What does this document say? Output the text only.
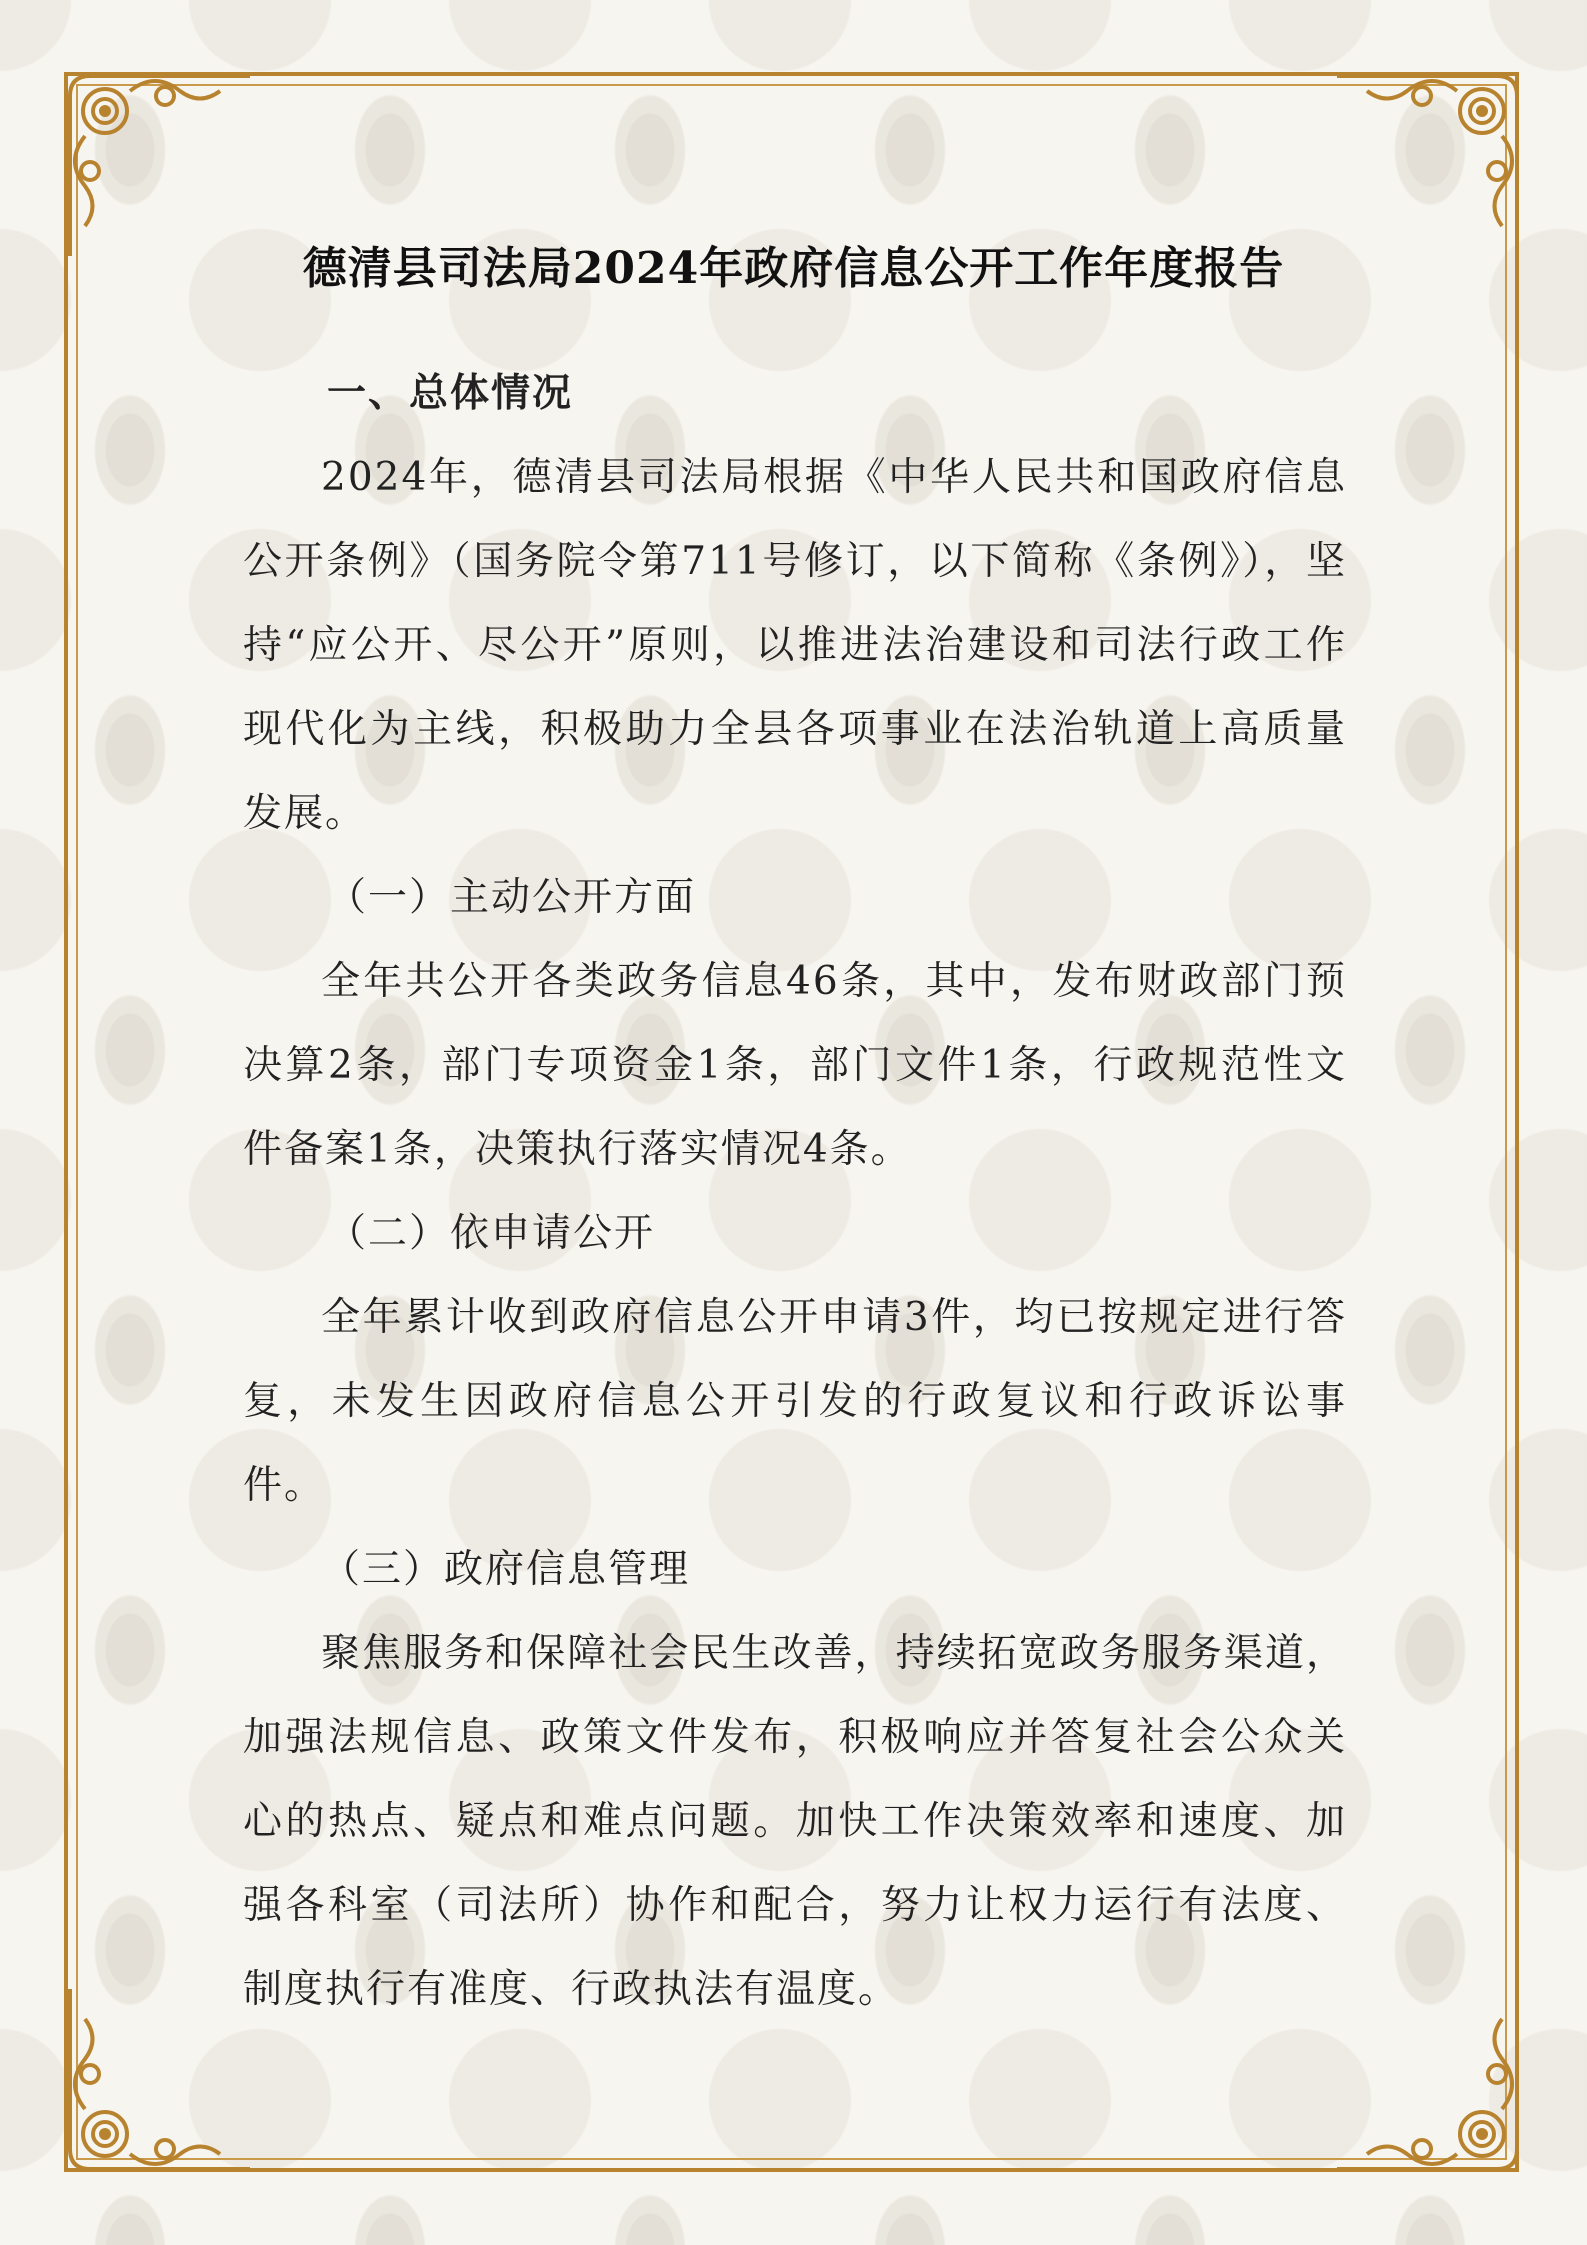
德清县司法局2024年政府信息公开工作年度报告
一、总体情况

2024年，德清县司法局根据《中华人民共和国政府信息公开条例》（国务院令第711号修订，以下简称《条例》），坚持“应公开、尽公开”原则，以推进法治建设和司法行政工作现代化为主线，积极助力全县各项事业在法治轨道上高质量发展。

（一）主动公开方面

全年共公开各类政务信息46条，其中，发布财政部门预决算2条，部门专项资金1条，部门文件1条，行政规范性文件备案1条，决策执行落实情况4条。

（二）依申请公开

全年累计收到政府信息公开申请3件，均已按规定进行答复，未发生因政府信息公开引发的行政复议和行政诉讼事件。

（三）政府信息管理

聚焦服务和保障社会民生改善，持续拓宽政务服务渠道，加强法规信息、政策文件发布，积极响应并答复社会公众关心的热点、疑点和难点问题。加快工作决策效率和速度、加强各科室（司法所）协作和配合，努力让权力运行有法度、制度执行有准度、行政执法有温度。
